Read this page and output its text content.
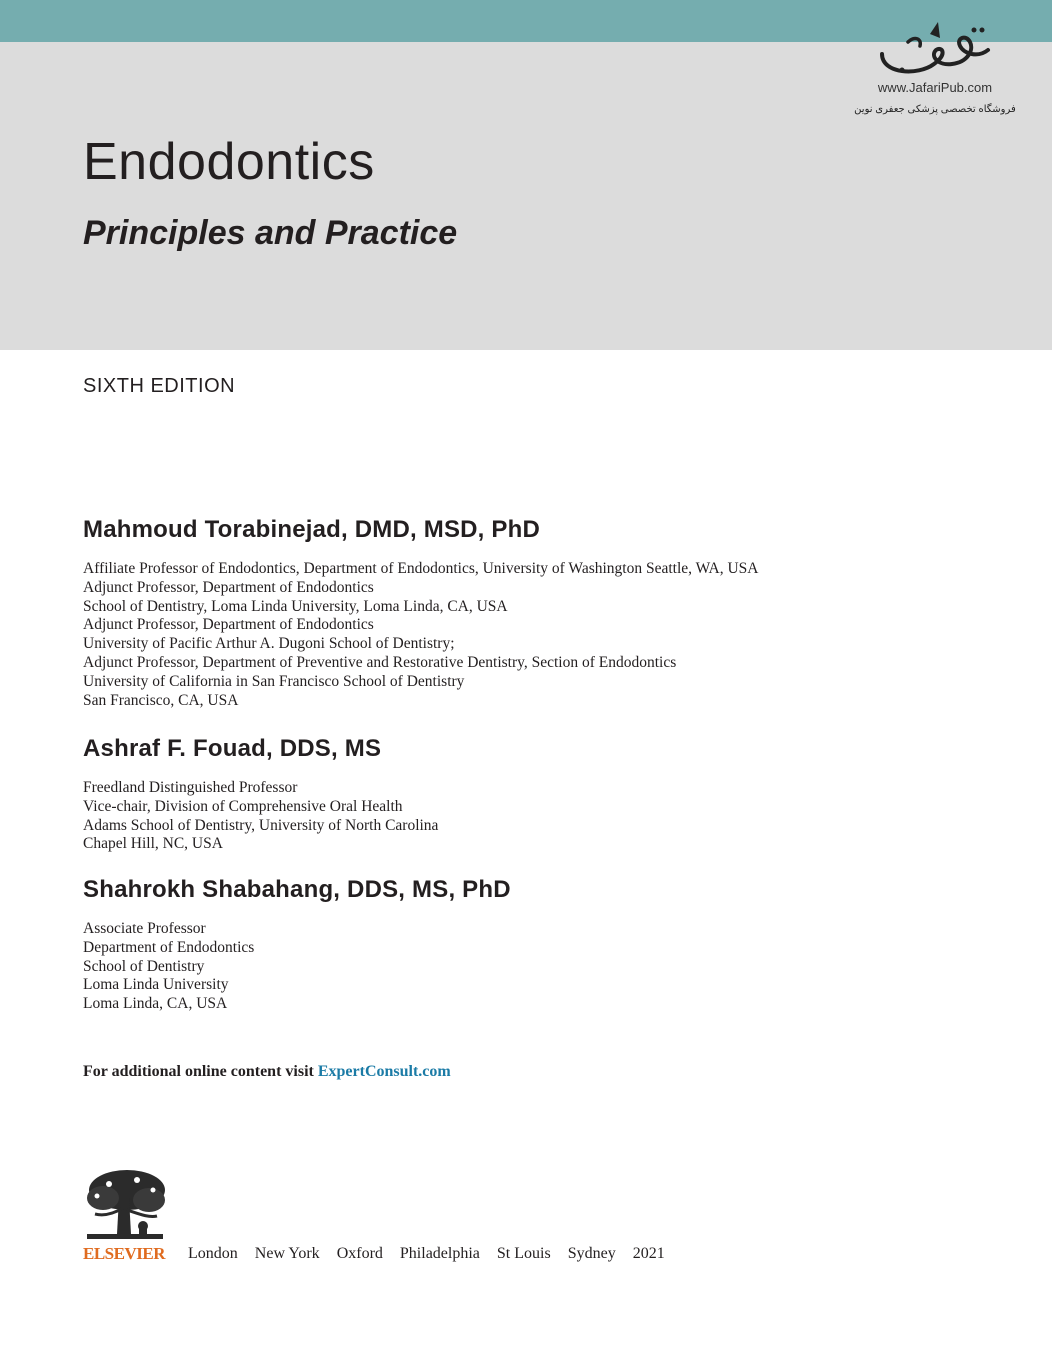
جعفری
www.JafariPub.com
فروشگاه تخصصی پزشکی جعفری نوین
Endodontics
Principles and Practice
SIXTH EDITION
Mahmoud Torabinejad, DMD, MSD, PhD
Affiliate Professor of Endodontics, Department of Endodontics, University of Washington Seattle, WA, USA
Adjunct Professor, Department of Endodontics
School of Dentistry, Loma Linda University, Loma Linda, CA, USA
Adjunct Professor, Department of Endodontics
University of Pacific Arthur A. Dugoni School of Dentistry;
Adjunct Professor, Department of Preventive and Restorative Dentistry, Section of Endodontics
University of California in San Francisco School of Dentistry
San Francisco, CA, USA
Ashraf F. Fouad, DDS, MS
Freedland Distinguished Professor
Vice-chair, Division of Comprehensive Oral Health
Adams School of Dentistry, University of North Carolina
Chapel Hill, NC, USA
Shahrokh Shabahang, DDS, MS, PhD
Associate Professor
Department of Endodontics
School of Dentistry
Loma Linda University
Loma Linda, CA, USA
For additional online content visit ExpertConsult.com
ELSEVIER London New York Oxford Philadelphia St Louis Sydney 2021
